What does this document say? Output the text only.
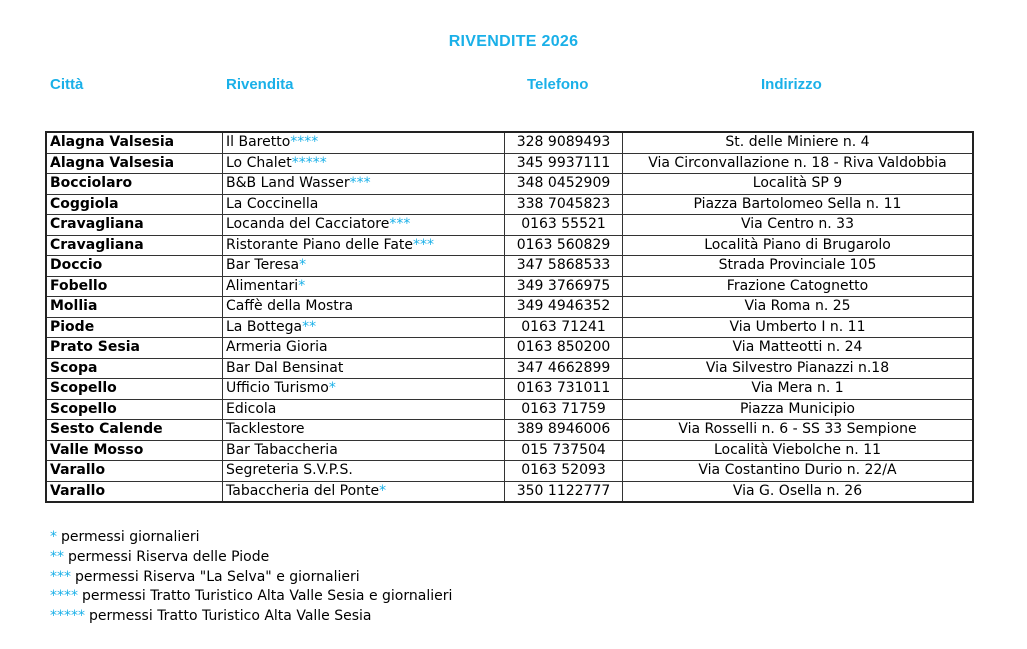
RIVENDITE 2026
Città	Rivendita	Telefono	Indirizzo
Alagna Valsesia	Il Baretto****	328 9089493	St. delle Miniere n. 4
Alagna Valsesia	Lo Chalet*****	345 9937111	Via Circonvallazione n. 18 - Riva Valdobbia
Bocciolaro	B&B Land Wasser***	348 0452909	Località SP 9
Coggiola	La Coccinella	338 7045823	Piazza Bartolomeo Sella n. 11
Cravagliana	Locanda del Cacciatore***	0163 55521	Via Centro n. 33
Cravagliana	Ristorante Piano delle Fate***	0163 560829	Località Piano di Brugarolo
Doccio	Bar Teresa*	347 5868533	Strada Provinciale 105
Fobello	Alimentari*	349 3766975	Frazione Catognetto
Mollia	Caffè della Mostra	349 4946352	Via Roma n. 25
Piode	La Bottega**	0163 71241	Via Umberto I n. 11
Prato Sesia	Armeria Gioria	0163 850200	Via Matteotti n. 24
Scopa	Bar Dal Bensinat	347 4662899	Via Silvestro Pianazzi n.18
Scopello	Ufficio Turismo*	0163 731011	Via Mera n. 1
Scopello	Edicola	0163 71759	Piazza Municipio
Sesto Calende	Tacklestore	389 8946006	Via Rosselli n. 6 - SS 33 Sempione
Valle Mosso	Bar Tabaccheria	015 737504	Località Viebolche n. 11
Varallo	Segreteria S.V.P.S.	0163 52093	Via Costantino Durio n. 22/A
Varallo	Tabaccheria del Ponte*	350 1122777	Via G. Osella n. 26
* permessi giornalieri
** permessi Riserva delle Piode
*** permessi Riserva "La Selva" e giornalieri
**** permessi Tratto Turistico Alta Valle Sesia e giornalieri
***** permessi Tratto Turistico Alta Valle Sesia
